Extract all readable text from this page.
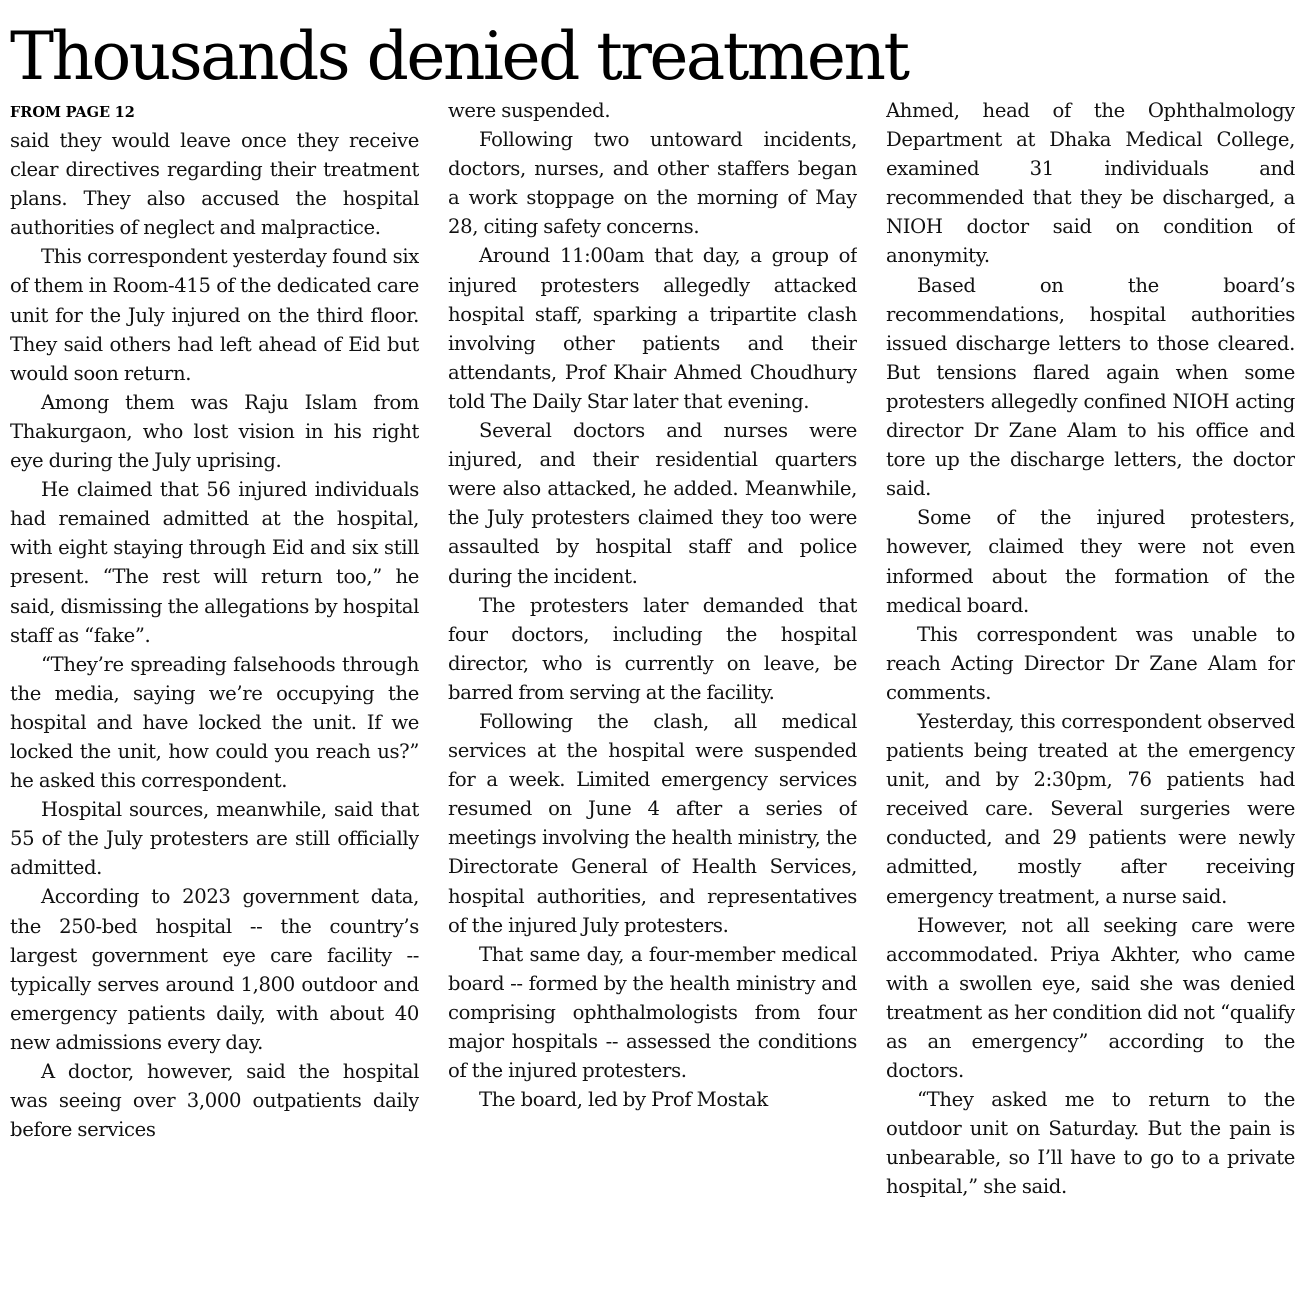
Thousands denied treatment
FROM PAGE 12

said they would leave once they receive clear directives regarding their treatment plans. They also accused the hospital authorities of neglect and malpractice.

This correspondent yesterday found six of them in Room-415 of the dedicated care unit for the July injured on the third floor. They said others had left ahead of Eid but would soon return.

Among them was Raju Islam from Thakurgaon, who lost vision in his right eye during the July uprising.

He claimed that 56 injured individuals had remained admitted at the hospital, with eight staying through Eid and six still present. “The rest will return too,” he said, dismissing the allegations by hospital staff as “fake”.

“They’re spreading falsehoods through the media, saying we’re occupying the hospital and have locked the unit. If we locked the unit, how could you reach us?” he asked this correspondent.

Hospital sources, meanwhile, said that 55 of the July protesters are still officially admitted.

According to 2023 government data, the 250-bed hospital -- the country’s largest government eye care facility -- typically serves around 1,800 outdoor and emergency patients daily, with about 40 new admissions every day.

A doctor, however, said the hospital was seeing over 3,000 outpatients daily before services

were suspended.

Following two untoward incidents, doctors, nurses, and other staffers began a work stoppage on the morning of May 28, citing safety concerns.

Around 11:00am that day, a group of injured protesters allegedly attacked hospital staff, sparking a tripartite clash involving other patients and their attendants, Prof Khair Ahmed Choudhury told The Daily Star later that evening.

Several doctors and nurses were injured, and their residential quarters were also attacked, he added. Meanwhile, the July protesters claimed they too were assaulted by hospital staff and police during the incident.

The protesters later demanded that four doctors, including the hospital director, who is currently on leave, be barred from serving at the facility.

Following the clash, all medical services at the hospital were suspended for a week. Limited emergency services resumed on June 4 after a series of meetings involving the health ministry, the Directorate General of Health Services, hospital authorities, and representatives of the injured July protesters.

That same day, a four-member medical board -- formed by the health ministry and comprising ophthalmologists from four major hospitals -- assessed the conditions of the injured protesters.

The board, led by Prof Mostak

Ahmed, head of the Ophthalmology Department at Dhaka Medical College, examined 31 individuals and recommended that they be discharged, a NIOH doctor said on condition of anonymity.

Based on the board’s recommendations, hospital authorities issued discharge letters to those cleared. But tensions flared again when some protesters allegedly confined NIOH acting director Dr Zane Alam to his office and tore up the discharge letters, the doctor said.

Some of the injured protesters, however, claimed they were not even informed about the formation of the medical board.

This correspondent was unable to reach Acting Director Dr Zane Alam for comments.

Yesterday, this correspondent observed patients being treated at the emergency unit, and by 2:30pm, 76 patients had received care. Several surgeries were conducted, and 29 patients were newly admitted, mostly after receiving emergency treatment, a nurse said.

However, not all seeking care were accommodated. Priya Akhter, who came with a swollen eye, said she was denied treatment as her condition did not “qualify as an emergency” according to the doctors.

“They asked me to return to the outdoor unit on Saturday. But the pain is unbearable, so I’ll have to go to a private hospital,” she said.
